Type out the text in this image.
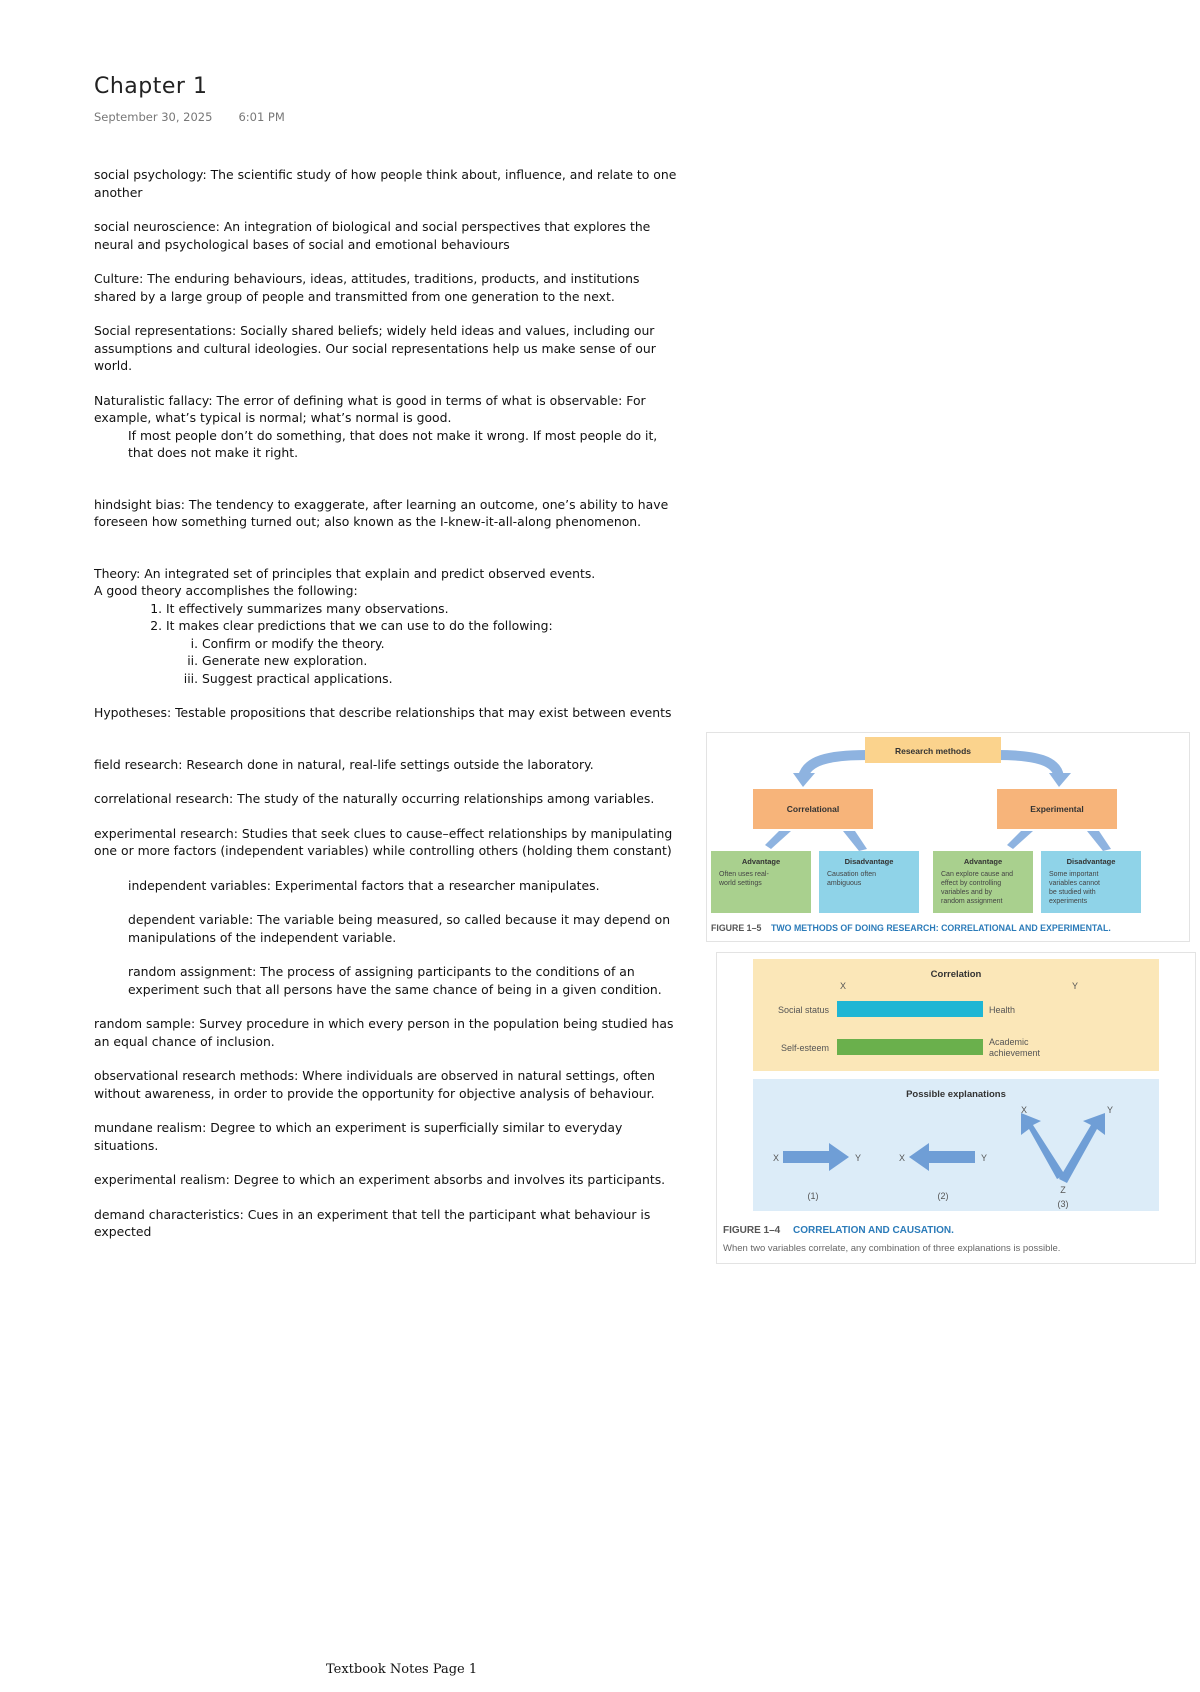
Chapter 1
September 30, 2025 6:01 PM

social psychology: The scientific study of how people think about, influence, and relate to one another

social neuroscience: An integration of biological and social perspectives that explores the neural and psychological bases of social and emotional behaviours

Culture: The enduring behaviours, ideas, attitudes, traditions, products, and institutions shared by a large group of people and transmitted from one generation to the next.

Social representations: Socially shared beliefs; widely held ideas and values, including our assumptions and cultural ideologies. Our social representations help us make sense of our world.

Naturalistic fallacy: The error of defining what is good in terms of what is observable: For example, what’s typical is normal; what’s normal is good.

If most people don’t do something, that does not make it wrong. If most people do it, that does not make it right.

hindsight bias: The tendency to exaggerate, after learning an outcome, one’s ability to have foreseen how something turned out; also known as the I-knew-it-all-along phenomenon.

Theory: An integrated set of principles that explain and predict observed events.

A good theory accomplishes the following:

1. It effectively summarizes many observations.
2. It makes clear predictions that we can use to do the following:
i. Confirm or modify the theory.
ii. Generate new exploration.
iii. Suggest practical applications.

Hypotheses: Testable propositions that describe relationships that may exist between events

field research: Research done in natural, real-life settings outside the laboratory.

correlational research: The study of the naturally occurring relationships among variables.

experimental research: Studies that seek clues to cause–effect relationships by manipulating one or more factors (independent variables) while controlling others (holding them constant)

independent variables: Experimental factors that a researcher manipulates.

dependent variable: The variable being measured, so called because it may depend on manipulations of the independent variable.

random assignment: The process of assigning participants to the conditions of an experiment such that all persons have the same chance of being in a given condition.

random sample: Survey procedure in which every person in the population being studied has an equal chance of inclusion.

observational research methods: Where individuals are observed in natural settings, often without awareness, in order to provide the opportunity for objective analysis of behaviour.

mundane realism: Degree to which an experiment is superficially similar to everyday situations.

experimental realism: Degree to which an experiment absorbs and involves its participants.

demand characteristics: Cues in an experiment that tell the participant what behaviour is expected

Research methods
Correlational	Experimental
Advantage
Often uses real-
world settings
Disadvantage
Causation often
ambiguous
Advantage
Can explore cause and
effect by controlling
variables and by
random assignment
Disadvantage
Some important
variables cannot
be studied with
experiments
FIGURE 1–5 TWO METHODS OF DOING RESEARCH: CORRELATIONAL AND EXPERIMENTAL.
Correlation
X	Y
Social status	Health
Self-esteem
Academic
achievement
Possible explanations
X	Y
(1)
X	Y
(2)
X	Y
Z
(3)
FIGURE 1–4 CORRELATION AND CAUSATION.
When two variables correlate, any combination of three explanations is possible.
Textbook Notes Page 1
